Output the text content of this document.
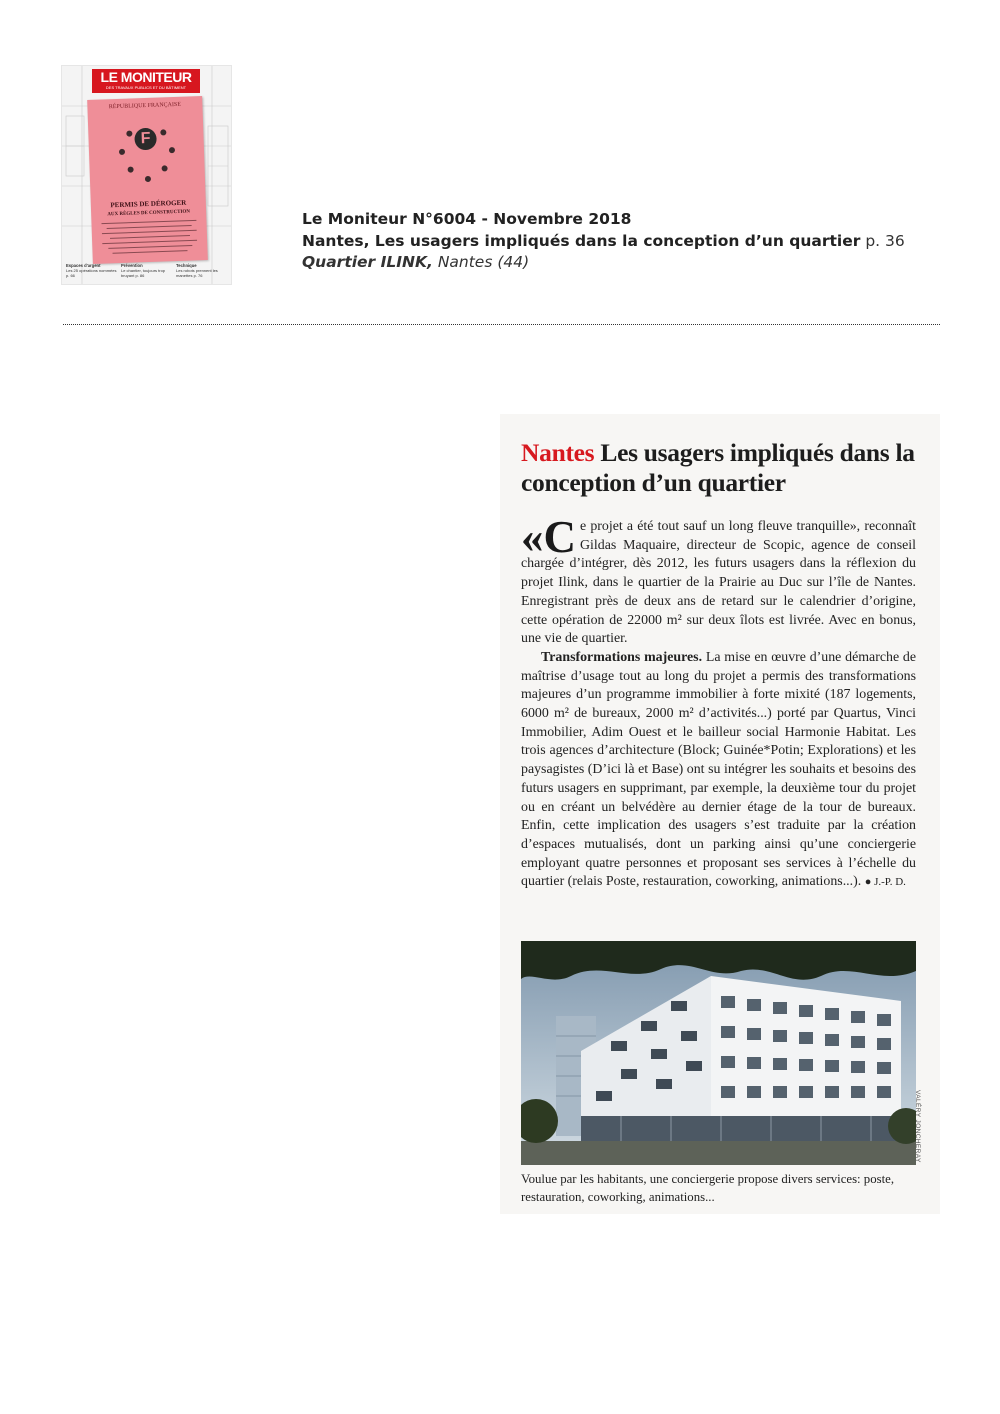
LE MONITEUR
DES TRAVAUX PUBLICS ET DU BÂTIMENT
RÉPUBLIQUE FRANÇAISE
F
PERMIS DE DÉROGER
AUX RÈGLES DE CONSTRUCTION
Espaces d'argent
Les 25 opérations nommées p. 66
Prévention
Le chantier, toujours trop bruyant p. 86
Technique
Les robots prennent les manettes p. 76
Le Moniteur N°6004 - Novembre 2018
Nantes, Les usagers impliqués dans la conception d’un quartier p. 36
Quartier ILINK, Nantes (44)
Nantes Les usagers impliqués dans la conception d’un quartier

«C e projet a été tout sauf un long fleuve tranquille», reconnaît Gildas Maquaire, directeur de Scopic, agence de conseil chargée d’intégrer, dès 2012, les futurs usagers dans la réflexion du projet Ilink, dans le quartier de la Prairie au Duc sur l’île de Nantes. Enregistrant près de deux ans de retard sur le calendrier d’origine, cette opération de 22000 m² sur deux îlots est livrée. Avec en bonus, une vie de quartier.

Transformations majeures. La mise en œuvre d’une démarche de maîtrise d’usage tout au long du projet a permis des transformations majeures d’un programme immobilier à forte mixité (187 logements, 6000 m² de bureaux, 2000 m² d’activités...) porté par Quartus, Vinci Immobilier, Adim Ouest et le bailleur social Harmonie Habitat. Les trois agences d’architecture (Block; Guinée*Potin; Explorations) et les paysagistes (D’ici là et Base) ont su intégrer les souhaits et besoins des futurs usagers en supprimant, par exemple, la deuxième tour du projet ou en créant un belvédère au dernier étage de la tour de bureaux. Enfin, cette implication des usagers s’est traduite par la création d’espaces mutualisés, dont un parking ainsi qu’une conciergerie employant quatre personnes et proposant ses services à l’échelle du quartier (relais Poste, restauration, coworking, animations...). ● J.-P. D.

VALÉRY JONCHERAY
Voulue par les habitants, une conciergerie propose divers services: poste, restauration, coworking, animations...
